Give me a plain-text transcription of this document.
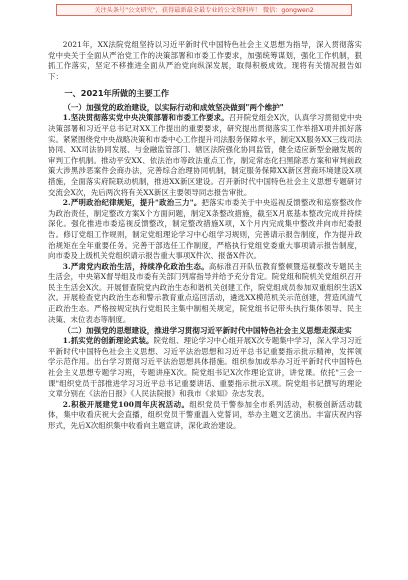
关注头条号"公文研究"，获得最新最全最专业的公文资料库！ 微信：gongwen2

2021年，XX法院党组坚持以习近平新时代中国特色社会主义思想为指导，深入贯彻落实党中央关于全面从严治党工作的决策部署和市委工作要求，加强统筹谋划，强化工作机制，狠抓工作落实，坚定不移推进全面从严治党向纵深发展，取得积极成效。现将有关情况报告如下：

一、2021年所做的主要工作
（一）加强党的政治建设，以实际行动和成效坚决做到"两个维护"

1.坚决贯彻落实党中央决策部署和市委工作要求。召开院党组会X次，认真学习贯彻党中央决策部署和习近平总书记对XX工作提出的重要要求，研究提出贯彻落实工作举措X项并抓好落实。紧紧围绕党中央战略决策和市委中心工作提升司法服务保障水平，制定XX服务XX三线司法协同、XX司法协同发展、与金融监管部门、辖区法院强化协同监管，健全适应新型金融发展的审判工作机制。推动平安XX、依法治市等政法重点工作，制定常态化扫黑除恶方案和审判前政策大涉黑涉恶案件会商办法，完善综合治理协同机制，制定服务保障XX新区营商环境建设X项措施，全面落实府院联动机制，推进XX新区建设。召开新时代中国特色社会主义思想专题研讨交流会X次，先后两次将有关XX新区主要领导同志报告审批。

2.严明政治纪律规矩，提升"政治三力"。把落实市委关于中央巡视反馈整改和巡察整改作为政治责任，制定整改方案X个方面问题，制定X条整改措施，截至X月底基本整改完成并持续深化。强化推进市委巡视反馈整改，制定整改措施X项，X个月内完成集中整改并向市纪委报告。修订党组工作规则，制定党组理论学习中心组学习规则，完善请示报告制度，作为提升政治规矩在全年重要任务。完善干部选任工作制度，严格执行党组党委重大事项请示报告制度，向市委及上级机关党组织请示报告重大事项X件次、报备X件次。

3.严肃党内政治生活，持续净化政治生态。高标准召开队伍教育整顿暨巡视整改专题民主生活会，中央第X督导组及市委有关部门列席指导并给予充分肯定。院党组和院机关党组织召开民主生活会X次。开展督查院党内政治生态和谐机关创建工作，院党组成员参加双重组织生活X次。开展检查党内政治生态和警示教育重点巡回活动，遴选XX模范机关示范创建，营造风清气正政治生态。严格按规定执行党组民主集中制相关规定，院党组书记带头执行集体领导、民主决策、末位表态等制度。

（二）加强党的思想建设，推进学习贯彻习近平新时代中国特色社会主义思想走深走实

1.抓实党的创新理论武装。院党组、理论学习中心组开展X次专题集中学习，深入学习习近平新时代中国特色社会主义思想、习近平法治思想和习近平总书记重要指示批示精神，发挥领学示范作用。出台学习贯彻习近平法治思想具体措施。组织参加或举办习近平新时代中国特色社会主义思想专题学习班，专题讲座X次。院党组书记X次作理论宣讲，讲党课。依托"三会一课"组织党员干部推进学习习近平总书记重要讲话、重要指示批示X项。院党组书记撰写的理论文章分别在《法治日报》《人民法院报》和我市《求知》杂志发表。

2.积极开展建党100周年庆祝活动。组织党员干警参加全市系列活动，积极创新活动载体，集中收看庆祝大会直播，组织党员干警重温入党誓词，举办主题文艺演出。丰富庆祝内容形式，先后X次组织集中收看向主题宣讲，深化政治建设。
